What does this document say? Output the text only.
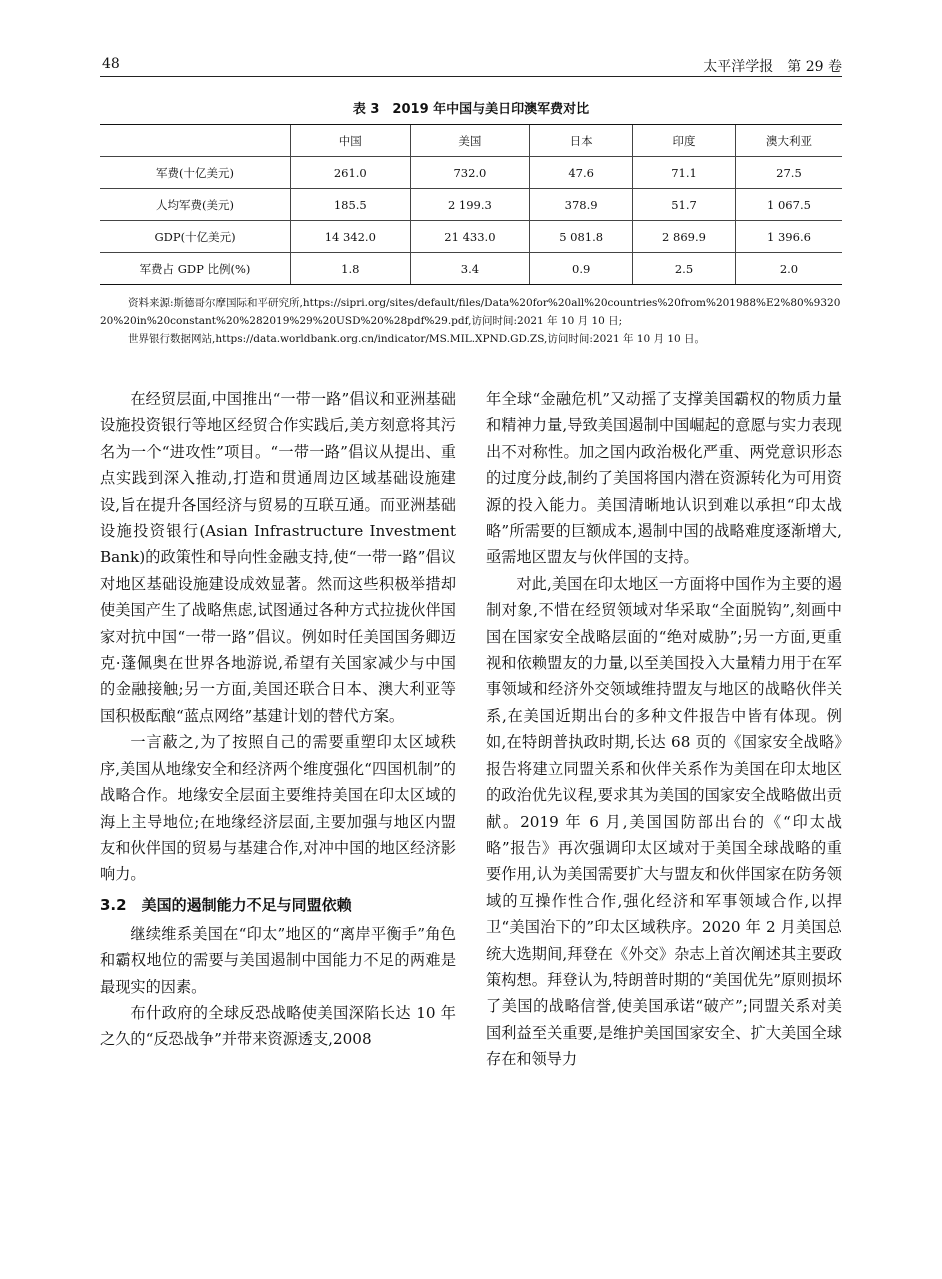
48	太平洋学报　第 29 卷
表 3　2019 年中国与美日印澳军费对比
	中国	美国	日本	印度	澳大利亚
军费(十亿美元)	261.0	732.0	47.6	71.1	27.5
人均军费(美元)	185.5	2 199.3	378.9	51.7	1 067.5
GDP(十亿美元)	14 342.0	21 433.0	5 081.8	2 869.9	1 396.6
军费占 GDP 比例(%)	1.8	3.4	0.9	2.5	2.0

资料来源:斯德哥尔摩国际和平研究所,https://sipri.org/sites/default/files/Data%20for%20all%20countries%20from%201988%E2%80%932020%20in%20constant%20%282019%29%20USD%20%28pdf%29.pdf,访问时间:2021 年 10 月 10 日;

世界银行数据网站,https://data.worldbank.org.cn/indicator/MS.MIL.XPND.GD.ZS,访问时间:2021 年 10 月 10 日。

在经贸层面,中国推出“一带一路”倡议和亚洲基础设施投资银行等地区经贸合作实践后,美方刻意将其污名为一个“进攻性”项目。“一带一路”倡议从提出、重点实践到深入推动,打造和贯通周边区域基础设施建设,旨在提升各国经济与贸易的互联互通。而亚洲基础设施投资银行(Asian Infrastructure Investment Bank)的政策性和导向性金融支持,使“一带一路”倡议对地区基础设施建设成效显著。然而这些积极举措却使美国产生了战略焦虑,试图通过各种方式拉拢伙伴国家对抗中国“一带一路”倡议。例如时任美国国务卿迈克·蓬佩奥在世界各地游说,希望有关国家减少与中国的金融接触;另一方面,美国还联合日本、澳大利亚等国积极酝酿“蓝点网络”基建计划的替代方案。

一言蔽之,为了按照自己的需要重塑印太区域秩序,美国从地缘安全和经济两个维度强化“四国机制”的战略合作。地缘安全层面主要维持美国在印太区域的海上主导地位;在地缘经济层面,主要加强与地区内盟友和伙伴国的贸易与基建合作,对冲中国的地区经济影响力。

3.2　美国的遏制能力不足与同盟依赖

继续维系美国在“印太”地区的“离岸平衡手”角色和霸权地位的需要与美国遏制中国能力不足的两难是最现实的因素。

布什政府的全球反恐战略使美国深陷长达 10 年之久的“反恐战争”并带来资源透支,2008

年全球“金融危机”又动摇了支撑美国霸权的物质力量和精神力量,导致美国遏制中国崛起的意愿与实力表现出不对称性。加之国内政治极化严重、两党意识形态的过度分歧,制约了美国将国内潜在资源转化为可用资源的投入能力。美国清晰地认识到难以承担“印太战略”所需要的巨额成本,遏制中国的战略难度逐渐增大,亟需地区盟友与伙伴国的支持。

对此,美国在印太地区一方面将中国作为主要的遏制对象,不惜在经贸领域对华采取“全面脱钩”,刻画中国在国家安全战略层面的“绝对威胁”;另一方面,更重视和依赖盟友的力量,以至美国投入大量精力用于在军事领域和经济外交领域维持盟友与地区的战略伙伴关系,在美国近期出台的多种文件报告中皆有体现。例如,在特朗普执政时期,长达 68 页的《国家安全战略》报告将建立同盟关系和伙伴关系作为美国在印太地区的政治优先议程,要求其为美国的国家安全战略做出贡献。2019 年 6 月,美国国防部出台的《“印太战略”报告》再次强调印太区域对于美国全球战略的重要作用,认为美国需要扩大与盟友和伙伴国家在防务领域的互操作性合作,强化经济和军事领域合作,以捍卫“美国治下的”印太区域秩序。2020 年 2 月美国总统大选期间,拜登在《外交》杂志上首次阐述其主要政策构想。拜登认为,特朗普时期的“美国优先”原则损坏了美国的战略信誉,使美国承诺“破产”;同盟关系对美国利益至关重要,是维护美国国家安全、扩大美国全球存在和领导力
